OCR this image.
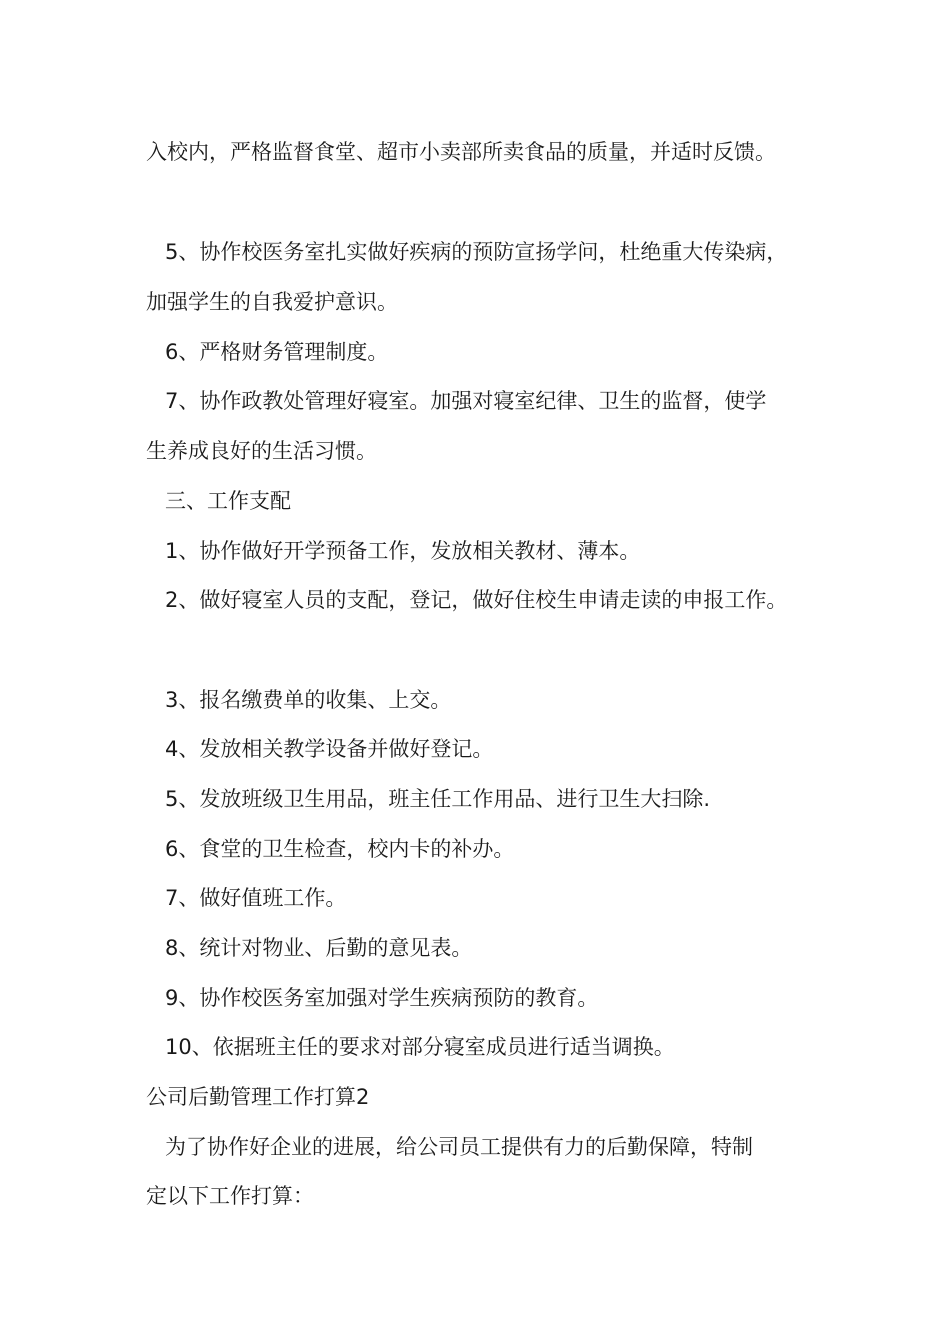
入校内，严格监督食堂、超市小卖部所卖食品的质量，并适时反馈。
5、协作校医务室扎实做好疾病的预防宣扬学问，杜绝重大传染病，
加强学生的自我爱护意识。
6、严格财务管理制度。
7、协作政教处管理好寝室。加强对寝室纪律、卫生的监督，使学
生养成良好的生活习惯。
三、工作支配
1、协作做好开学预备工作，发放相关教材、薄本。
2、做好寝室人员的支配，登记，做好住校生申请走读的申报工作。
3、报名缴费单的收集、上交。
4、发放相关教学设备并做好登记。
5、发放班级卫生用品，班主任工作用品、进行卫生大扫除.
6、食堂的卫生检查，校内卡的补办。
7、做好值班工作。
8、统计对物业、后勤的意见表。
9、协作校医务室加强对学生疾病预防的教育。
10、依据班主任的要求对部分寝室成员进行适当调换。
公司后勤管理工作打算2
为了协作好企业的进展，给公司员工提供有力的后勤保障，特制
定以下工作打算：
